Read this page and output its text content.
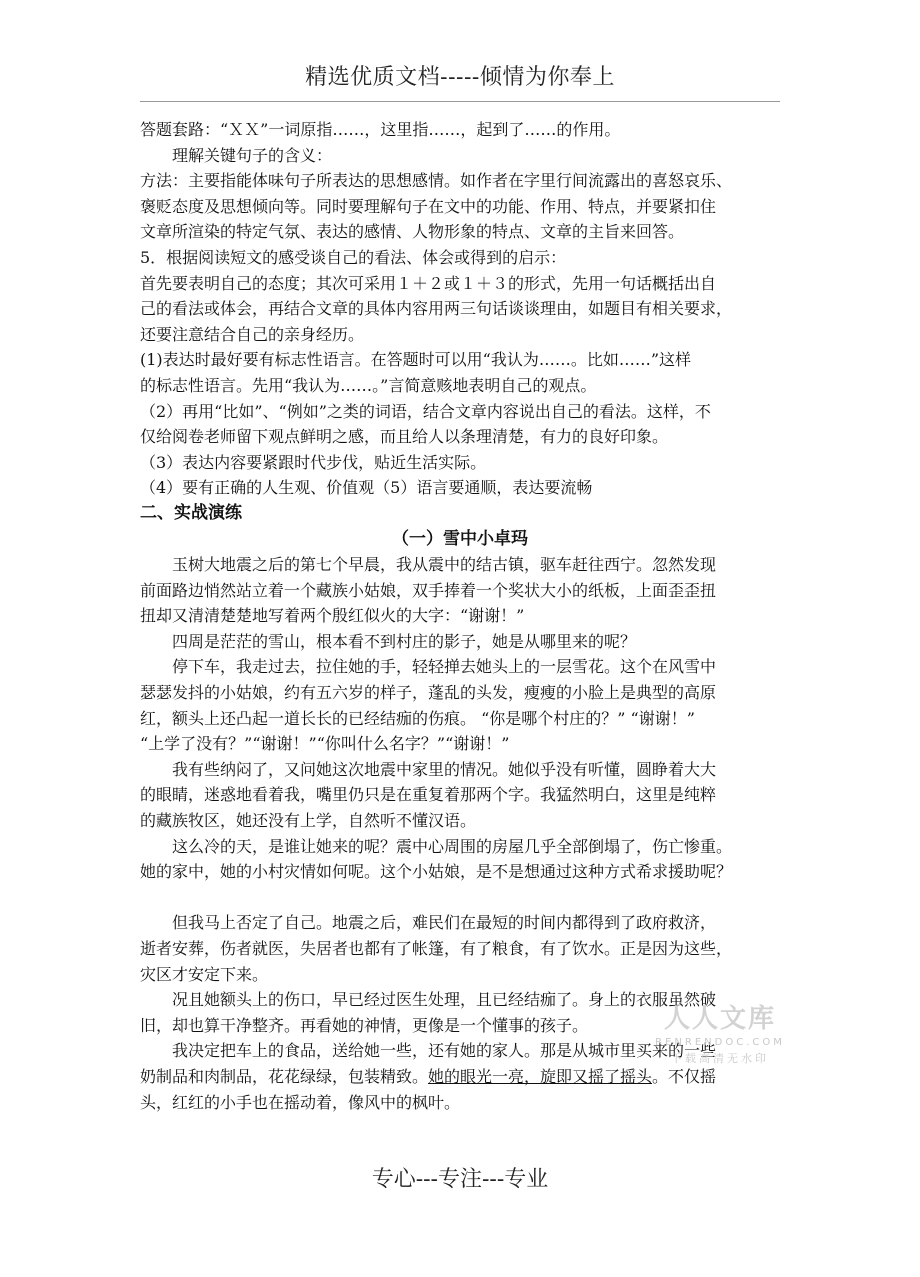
精选优质文档-----倾情为你奉上
答题套路：“ＸＸ”一词原指……，这里指……，起到了……的作用。
理解关键句子的含义：
方法：主要指能体味句子所表达的思想感情。如作者在字里行间流露出的喜怒哀乐、
褒贬态度及思想倾向等。同时要理解句子在文中的功能、作用、特点，并要紧扣住
文章所渲染的特定气氛、表达的感情、人物形象的特点、文章的主旨来回答。
5．根据阅读短文的感受谈自己的看法、体会或得到的启示：
首先要表明自己的态度；其次可采用１＋２或１＋３的形式，先用一句话概括出自
己的看法或体会，再结合文章的具体内容用两三句话谈谈理由，如题目有相关要求，
还要注意结合自己的亲身经历。
(1)表达时最好要有标志性语言。在答题时可以用“我认为……。比如……”这样
的标志性语言。先用“我认为……。”言简意赅地表明自己的观点。
（2）再用“比如”、“例如”之类的词语，结合文章内容说出自己的看法。这样，不
仅给阅卷老师留下观点鲜明之感，而且给人以条理清楚，有力的良好印象。
（3）表达内容要紧跟时代步伐，贴近生活实际。
（4）要有正确的人生观、价值观（5）语言要通顺，表达要流畅
二、实战演练
（一）雪中小卓玛
玉树大地震之后的第七个早晨，我从震中的结古镇，驱车赶往西宁。忽然发现
前面路边悄然站立着一个藏族小姑娘，双手捧着一个奖状大小的纸板，上面歪歪扭
扭却又清清楚楚地写着两个殷红似火的大字：“谢谢！”
四周是茫茫的雪山，根本看不到村庄的影子，她是从哪里来的呢？
停下车，我走过去，拉住她的手，轻轻掸去她头上的一层雪花。这个在风雪中
瑟瑟发抖的小姑娘，约有五六岁的样子，蓬乱的头发，瘦瘦的小脸上是典型的高原
红，额头上还凸起一道长长的已经结痂的伤痕。 “你是哪个村庄的？” “谢谢！”
“上学了没有？”“谢谢！”“你叫什么名字？”“谢谢！”
我有些纳闷了，又问她这次地震中家里的情况。她似乎没有听懂，圆睁着大大
的眼睛，迷惑地看着我，嘴里仍只是在重复着那两个字。我猛然明白，这里是纯粹
的藏族牧区，她还没有上学，自然听不懂汉语。
这么冷的天，是谁让她来的呢？震中心周围的房屋几乎全部倒塌了，伤亡惨重。
她的家中，她的小村灾情如何呢。这个小姑娘，是不是想通过这种方式希求援助呢？
但我马上否定了自己。地震之后，难民们在最短的时间内都得到了政府救济，
逝者安葬，伤者就医，失居者也都有了帐篷，有了粮食，有了饮水。正是因为这些，
灾区才安定下来。
况且她额头上的伤口，早已经过医生处理，且已经结痂了。身上的衣服虽然破
旧，却也算干净整齐。再看她的神情，更像是一个懂事的孩子。
我决定把车上的食品，送给她一些，还有她的家人。那是从城市里买来的一些
奶制品和肉制品，花花绿绿，包装精致。她的眼光一亮，旋即又摇了摇头。不仅摇
头，红红的小手也在摇动着，像风中的枫叶。
人人文库
RENRENDOC.COM
下载高清无水印
专心---专注---专业
